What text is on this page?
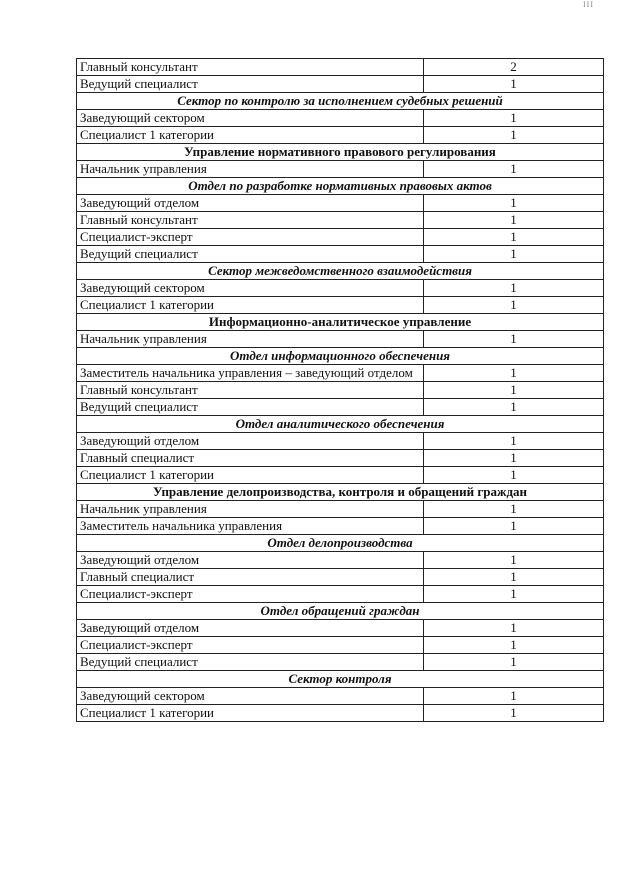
III
Главный консультант	2
Ведущий специалист	1
Сектор по контролю за исполнением судебных решений	
Заведующий сектором	1
Специалист 1 категории	1
Управление нормативного правового регулирования	
Начальник управления	1
Отдел по разработке нормативных правовых актов	
Заведующий отделом	1
Главный консультант	1
Специалист-эксперт	1
Ведущий специалист	1
Сектор межведомственного взаимодействия	
Заведующий сектором	1
Специалист 1 категории	1
Информационно-аналитическое управление	
Начальник управления	1
Отдел информационного обеспечения	
Заместитель начальника управления – заведующий отделом	1
Главный консультант	1
Ведущий специалист	1
Отдел аналитического обеспечения	
Заведующий отделом	1
Главный специалист	1
Специалист 1 категории	1
Управление делопроизводства, контроля и обращений граждан	
Начальник управления	1
Заместитель начальника управления	1
Отдел делопроизводства	
Заведующий отделом	1
Главный специалист	1
Специалист-эксперт	1
Отдел обращений граждан	
Заведующий отделом	1
Специалист-эксперт	1
Ведущий специалист	1
Сектор контроля	
Заведующий сектором	1
Специалист 1 категории	1
